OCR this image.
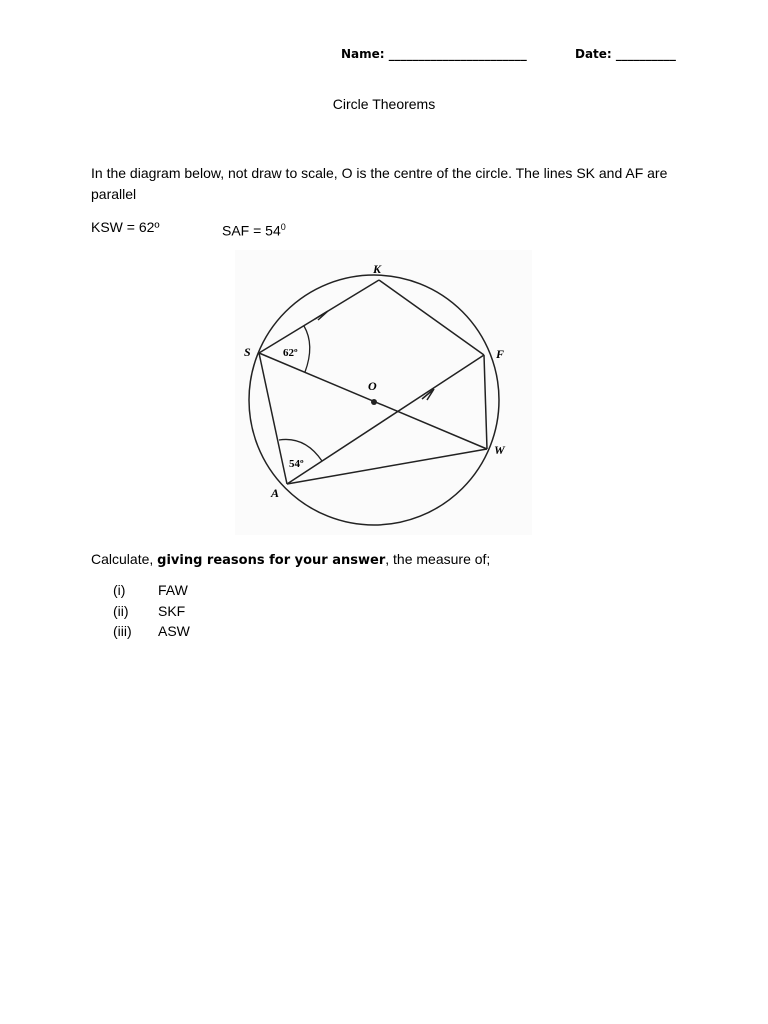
Name: _______________________	Date: __________
Circle Theorems
In the diagram below, not draw to scale, O is the centre of the circle. The lines SK and AF are parallel
KSW = 62º	SAF = $54^0$
K
S	F
O
W
A
62º
54º
Calculate, giving reasons for your answer, the measure of;
(i) FAW
(ii) SKF
(iii) ASW
